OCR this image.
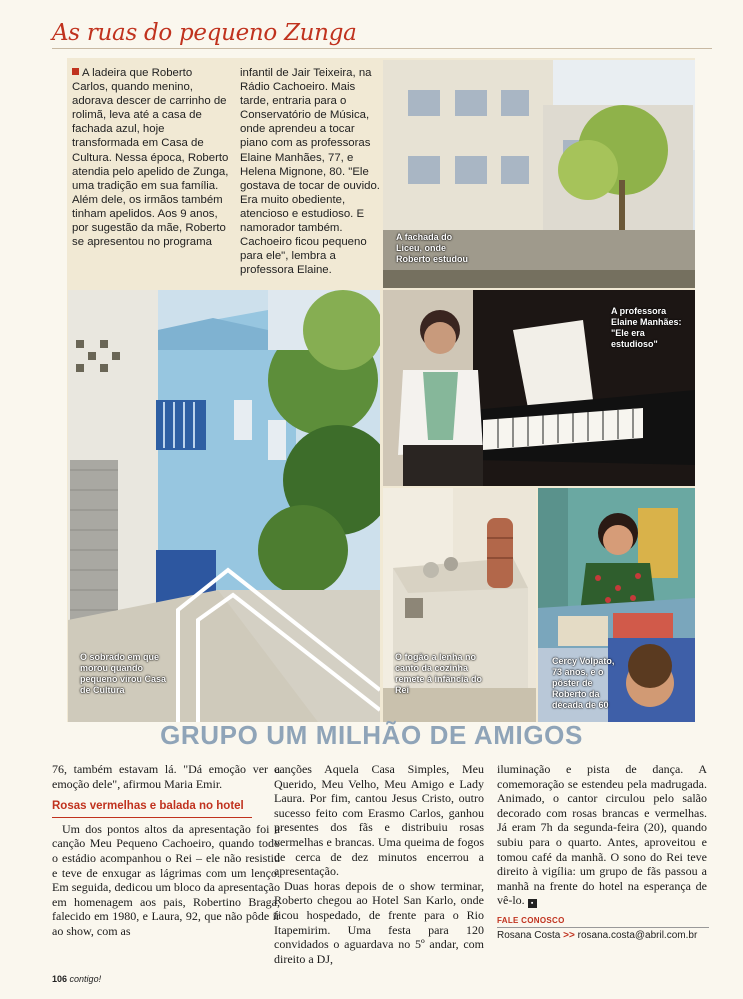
As ruas do pequeno Zunga
A ladeira que Roberto Carlos, quando menino, adorava descer de carrinho de rolimã, leva até a casa de fachada azul, hoje transformada em Casa de Cultura. Nessa época, Roberto atendia pelo apelido de Zunga, uma tradição em sua família. Além dele, os irmãos também tinham apelidos. Aos 9 anos, por sugestão da mãe, Roberto se apresentou no programa
infantil de Jair Teixeira, na Rádio Cachoeiro. Mais tarde, entraria para o Conservatório de Música, onde aprendeu a tocar piano com as professoras Elaine Manhães, 77, e Helena Mignone, 80. "Ele gostava de tocar de ouvido. Era muito obediente, atencioso e estudioso. E namorador também. Cachoeiro ficou pequeno para ele", lembra a professora Elaine.
A fachada do Liceu, onde Roberto estudou
O sobrado em que morou quando pequeno virou Casa de Cultura
A professora Elaine Manhães: "Ele era estudioso"
O fogão a lenha no canto da cozinha remete à infância do Rei
Cercy Volpato, 73 anos, e o pôster de Roberto da década de 60
GRUPO UM MILHÃO DE AMIGOS

76, também estavam lá. "Dá emoção ver a emoção dele", afirmou Maria Emir.

Rosas vermelhas e balada no hotel

Um dos pontos altos da apresentação foi a canção Meu Pequeno Cachoeiro, quando todo o estádio acompanhou o Rei – ele não resistiu e teve de enxugar as lágrimas com um lenço. Em seguida, dedicou um bloco da apresentação em homenagem aos pais, Robertino Braga, falecido em 1980, e Laura, 92, que não pôde ir ao show, com as

canções Aquela Casa Simples, Meu Querido, Meu Velho, Meu Amigo e Lady Laura. Por fim, cantou Jesus Cristo, outro sucesso feito com Erasmo Carlos, ganhou presentes dos fãs e distribuiu rosas vermelhas e brancas. Uma queima de fogos de cerca de dez minutos encerrou a apresentação.

Duas horas depois de o show terminar, Roberto chegou ao Hotel San Karlo, onde ficou hospedado, de frente para o Rio Itapemirim. Uma festa para 120 convidados o aguardava no 5º andar, com direito a DJ,

iluminação e pista de dança. A comemoração se estendeu pela madrugada. Animado, o cantor circulou pelo salão decorado com rosas brancas e vermelhas. Já eram 7h da segunda-feira (20), quando subiu para o quarto. Antes, aproveitou e tomou café da manhã. O sono do Rei teve direito à vigília: um grupo de fãs passou a manhã na frente do hotel na esperança de vê-lo. ▪

FALE CONOSCO
Rosana Costa >> rosana.costa@abril.com.br
106 contigo!
